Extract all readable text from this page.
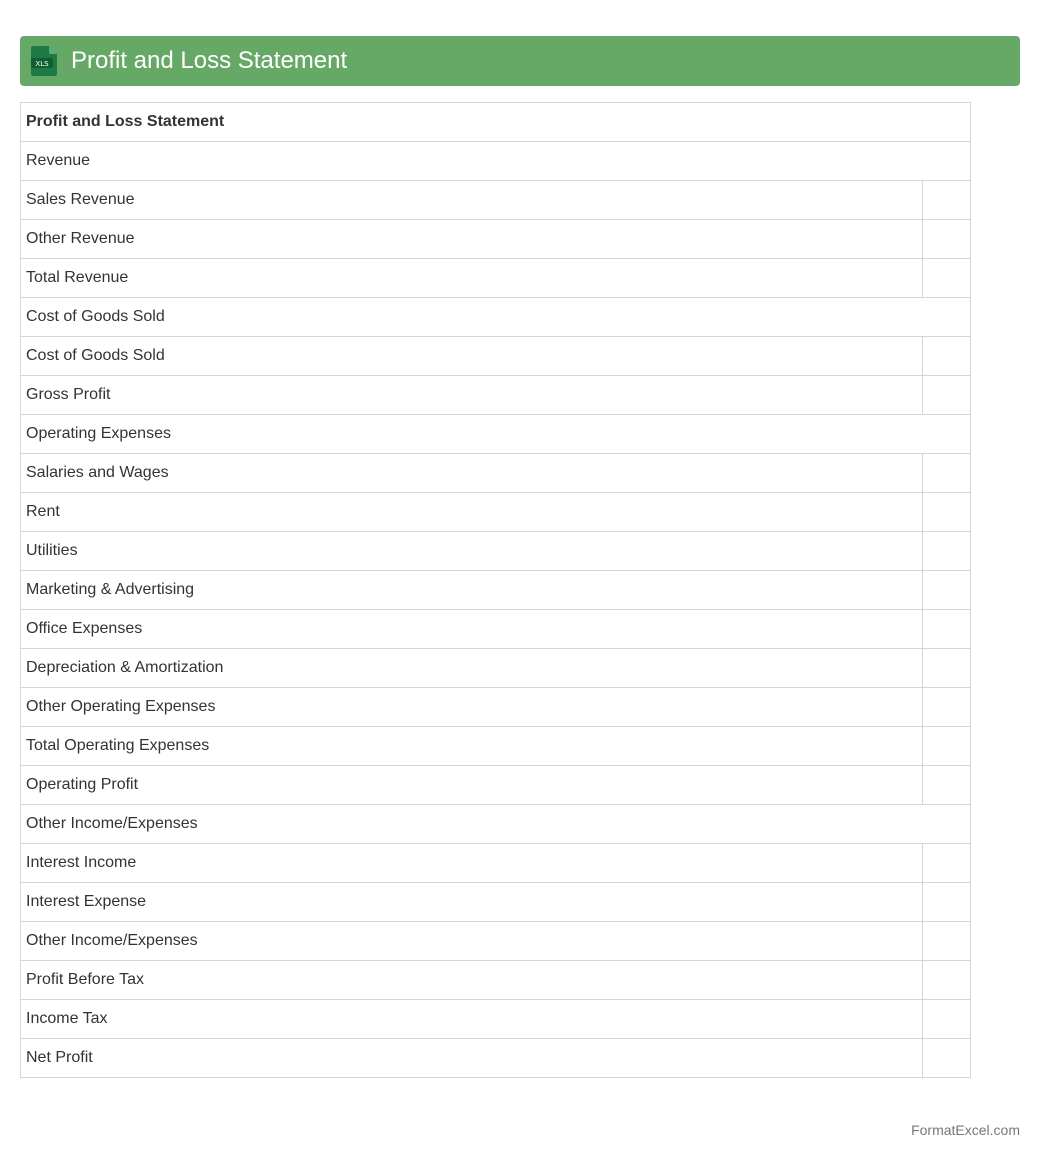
XLS Profit and Loss Statement
Profit and Loss Statement	
Revenue	
Sales Revenue	
Other Revenue	
Total Revenue	
Cost of Goods Sold	
Cost of Goods Sold	
Gross Profit	
Operating Expenses	
Salaries and Wages	
Rent	
Utilities	
Marketing & Advertising	
Office Expenses	
Depreciation & Amortization	
Other Operating Expenses	
Total Operating Expenses	
Operating Profit	
Other Income/Expenses	
Interest Income	
Interest Expense	
Other Income/Expenses	
Profit Before Tax	
Income Tax	
Net Profit	
FormatExcel.com
